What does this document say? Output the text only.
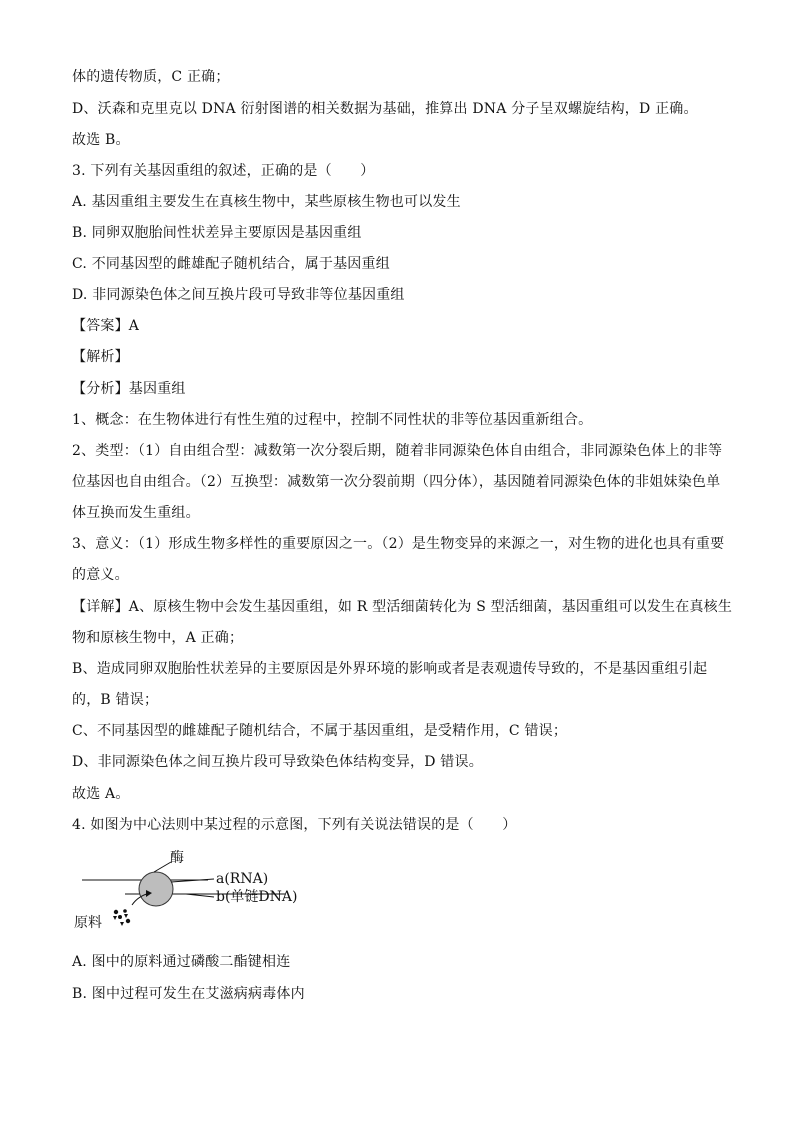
体的遗传物质，C 正确；
D、沃森和克里克以 DNA 衍射图谱的相关数据为基础，推算出 DNA 分子呈双螺旋结构，D 正确。
故选 B。
3. 下列有关基因重组的叙述，正确的是（　　）
A. 基因重组主要发生在真核生物中，某些原核生物也可以发生
B. 同卵双胞胎间性状差异主要原因是基因重组
C. 不同基因型的雌雄配子随机结合，属于基因重组
D. 非同源染色体之间互换片段可导致非等位基因重组
【答案】A
【解析】
【分析】基因重组
1、概念：在生物体进行有性生殖的过程中，控制不同性状的非等位基因重新组合。
2、类型：（1）自由组合型：减数第一次分裂后期，随着非同源染色体自由组合，非同源染色体上的非等
位基因也自由组合。（2）互换型：减数第一次分裂前期（四分体），基因随着同源染色体的非姐妹染色单
体互换而发生重组。
3、意义：（1）形成生物多样性的重要原因之一。（2）是生物变异的来源之一，对生物的进化也具有重要
的意义。
【详解】A、原核生物中会发生基因重组，如 R 型活细菌转化为 S 型活细菌，基因重组可以发生在真核生
物和原核生物中，A 正确；
B、造成同卵双胞胎性状差异的主要原因是外界环境的影响或者是表观遗传导致的，不是基因重组引起
的，B 错误；
C、不同基因型的雌雄配子随机结合，不属于基因重组，是受精作用，C 错误；
D、非同源染色体之间互换片段可导致染色体结构变异，D 错误。
故选 A。
4. 如图为中心法则中某过程的示意图，下列有关说法错误的是（　　）
酶
a(RNA)
b(单链DNA)
原料
A. 图中的原料通过磷酸二酯键相连
B. 图中过程可发生在艾滋病病毒体内
